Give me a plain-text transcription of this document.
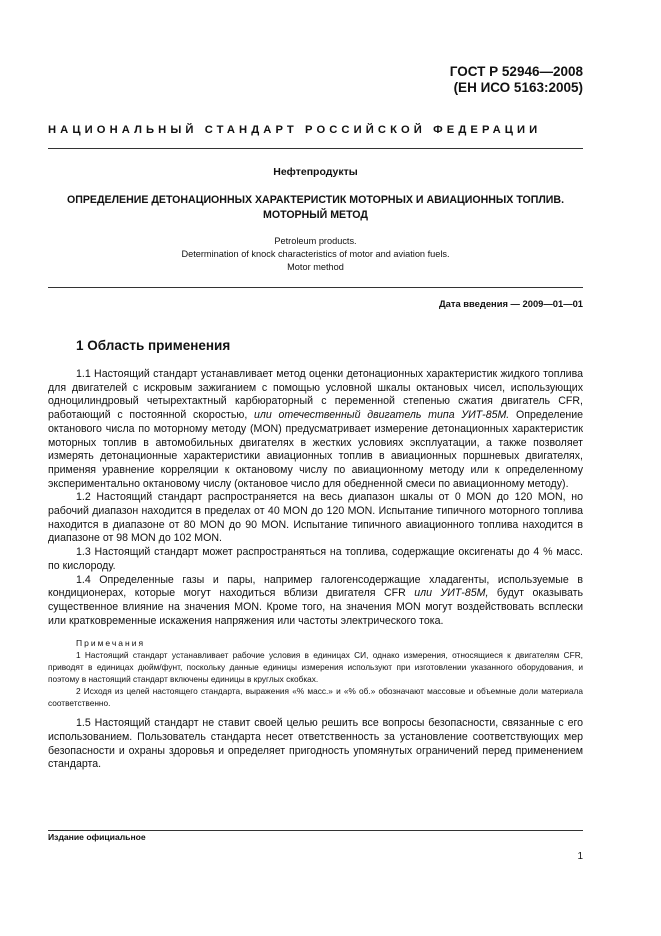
ГОСТ Р 52946—2008
(ЕН ИСО 5163:2005)
НАЦИОНАЛЬНЫЙ СТАНДАРТ РОССИЙСКОЙ ФЕДЕРАЦИИ
Нефтепродукты
ОПРЕДЕЛЕНИЕ ДЕТОНАЦИОННЫХ ХАРАКТЕРИСТИК МОТОРНЫХ И АВИАЦИОННЫХ ТОПЛИВ.
МОТОРНЫЙ МЕТОД
Petroleum products.
Determination of knock characteristics of motor and aviation fuels.
Motor method
Дата введения — 2009—01—01
1 Область применения

1.1 Настоящий стандарт устанавливает метод оценки детонационных характеристик жидкого топлива для двигателей с искровым зажиганием с помощью условной шкалы октановых чисел, использующих одноцилиндровый четырехтактный карбюраторный с переменной степенью сжатия двигатель CFR, работающий с постоянной скоростью, или отечественный двигатель типа УИТ-85М. Определение октанового числа по моторному методу (MON) предусматривает измерение детонационных характеристик моторных топлив в автомобильных двигателях в жестких условиях эксплуатации, а также позволяет измерять детонационные характеристики авиационных топлив в авиационных поршневых двигателях, применяя уравнение корреляции к октановому числу по авиационному методу или к определенному экспериментально октановому числу (октановое число для обедненной смеси по авиационному методу).

1.2 Настоящий стандарт распространяется на весь диапазон шкалы от 0 MON до 120 MON, но рабочий диапазон находится в пределах от 40 MON до 120 MON. Испытание типичного моторного топлива находится в диапазоне от 80 MON до 90 MON. Испытание типичного авиационного топлива находится в диапазоне от 98 MON до 102 MON.

1.3 Настоящий стандарт может распространяться на топлива, содержащие оксигенаты до 4 % масс. по кислороду.

1.4 Определенные газы и пары, например галогенсодержащие хладагенты, используемые в кондиционерах, которые могут находиться вблизи двигателя CFR или УИТ-85М, будут оказывать существенное влияние на значения MON. Кроме того, на значения MON могут воздействовать всплески или кратковременные искажения напряжения или частоты электрического тока.

Примечания

1 Настоящий стандарт устанавливает рабочие условия в единицах СИ, однако измерения, относящиеся к двигателям CFR, приводят в единицах дюйм/фунт, поскольку данные единицы измерения используют при изготовлении указанного оборудования, и поэтому в настоящий стандарт включены единицы в круглых скобках.

2 Исходя из целей настоящего стандарта, выражения «% масс.» и «% об.» обозначают массовые и объемные доли материала соответственно.

1.5 Настоящий стандарт не ставит своей целью решить все вопросы безопасности, связанные с его использованием. Пользователь стандарта несет ответственность за установление соответствующих мер безопасности и охраны здоровья и определяет пригодность упомянутых ограничений перед применением стандарта.

Издание официальное
1
